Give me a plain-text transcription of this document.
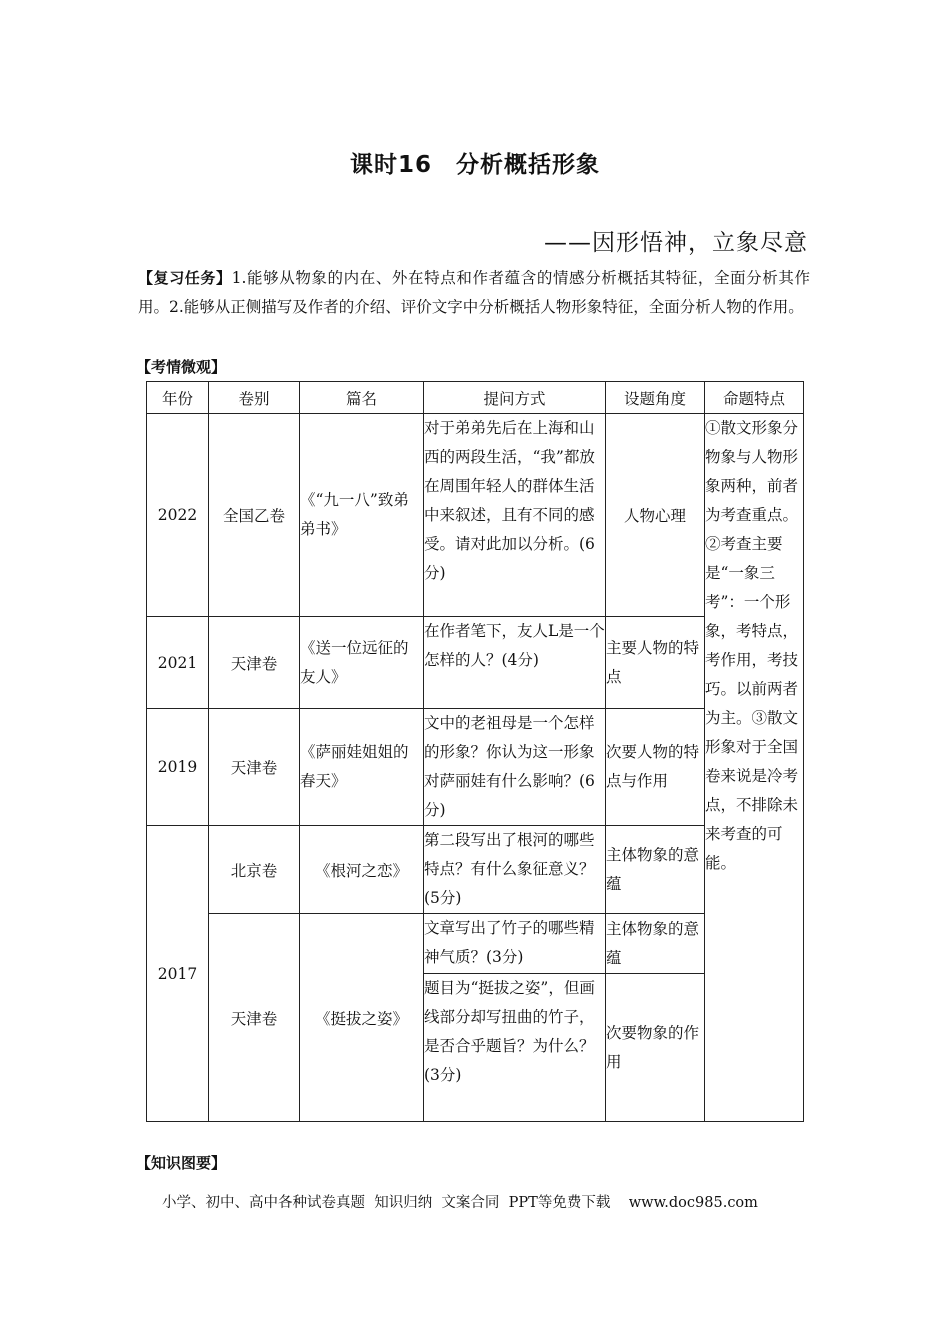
课时16　分析概括形象
——因形悟神，立象尽意
【复习任务】1.能够从物象的内在、外在特点和作者蕴含的情感分析概括其特征，全面分析其作用。2.能够从正侧描写及作者的介绍、评价文字中分析概括人物形象特征，全面分析人物的作用。
【考情微观】
年份	卷别	篇名	提问方式	设题角度	命题特点
2022	全国乙卷	《“九一八”致弟弟书》	对于弟弟先后在上海和山西的两段生活，“我”都放在周围年轻人的群体生活中来叙述，且有不同的感受。请对此加以分析。(6分)	人物心理	①散文形象分物象与人物形象两种，前者为考查重点。②考查主要是“一象三考”：一个形象，考特点，考作用，考技巧。以前两者为主。③散文形象对于全国卷来说是冷考点，不排除未来考查的可能。
2021	天津卷	《送一位远征的友人》	在作者笔下，友人L是一个怎样的人？(4分)	主要人物的特点	
2019	天津卷	《萨丽娃姐姐的春天》	文中的老祖母是一个怎样的形象？你认为这一形象对萨丽娃有什么影响？(6分)	次要人物的特点与作用	
2017	北京卷	《根河之恋》	第二段写出了根河的哪些特点？有什么象征意义？(5分)	主体物象的意蕴	
	天津卷	《挺拔之姿》	文章写出了竹子的哪些精神气质？(3分)	主体物象的意蕴	
			题目为“挺拔之姿”，但画线部分却写扭曲的竹子，是否合乎题旨？为什么？(3分)	次要物象的作用	
【知识图要】
小学、初中、高中各种试卷真题  知识归纳  文案合同  PPT等免费下载    www.doc985.com
